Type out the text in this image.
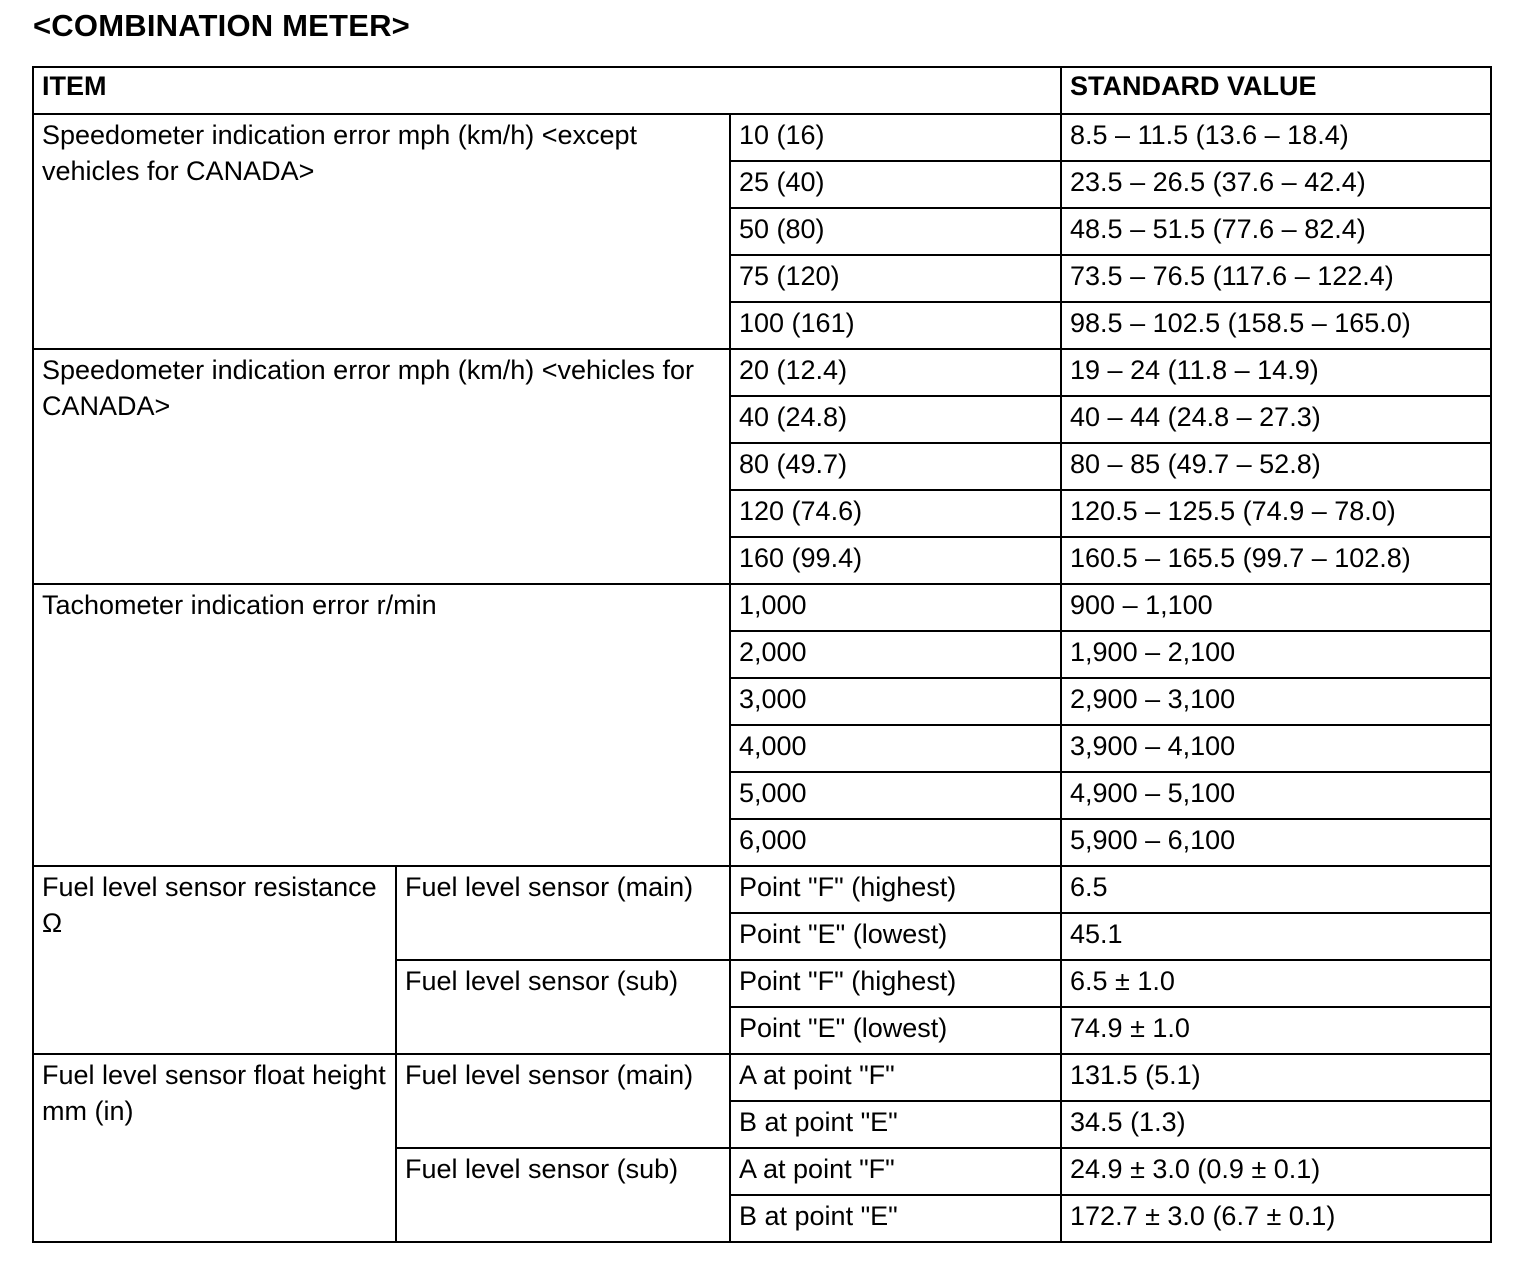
<COMBINATION METER>
ITEM			STANDARD VALUE
Speedometer indication error mph (km/h) <except vehicles for CANADA>		10 (16)	8.5 – 11.5 (13.6 – 18.4)
		25 (40)	23.5 – 26.5 (37.6 – 42.4)
		50 (80)	48.5 – 51.5 (77.6 – 82.4)
		75 (120)	73.5 – 76.5 (117.6 – 122.4)
		100 (161)	98.5 – 102.5 (158.5 – 165.0)
Speedometer indication error mph (km/h) <vehicles for CANADA>		20 (12.4)	19 – 24 (11.8 – 14.9)
		40 (24.8)	40 – 44 (24.8 – 27.3)
		80 (49.7)	80 – 85 (49.7 – 52.8)
		120 (74.6)	120.5 – 125.5 (74.9 – 78.0)
		160 (99.4)	160.5 – 165.5 (99.7 – 102.8)
Tachometer indication error r/min		1,000	900 – 1,100
		2,000	1,900 – 2,100
		3,000	2,900 – 3,100
		4,000	3,900 – 4,100
		5,000	4,900 – 5,100
		6,000	5,900 – 6,100
Fuel level sensor resistance Ω	Fuel level sensor (main)	Point "F" (highest)	6.5
		Point "E" (lowest)	45.1
	Fuel level sensor (sub)	Point "F" (highest)	6.5 ± 1.0
		Point "E" (lowest)	74.9 ± 1.0
Fuel level sensor float height mm (in)	Fuel level sensor (main)	A at point "F"	131.5 (5.1)
		B at point "E"	34.5 (1.3)
	Fuel level sensor (sub)	A at point "F"	24.9 ± 3.0 (0.9 ± 0.1)
		B at point "E"	172.7 ± 3.0 (6.7 ± 0.1)
